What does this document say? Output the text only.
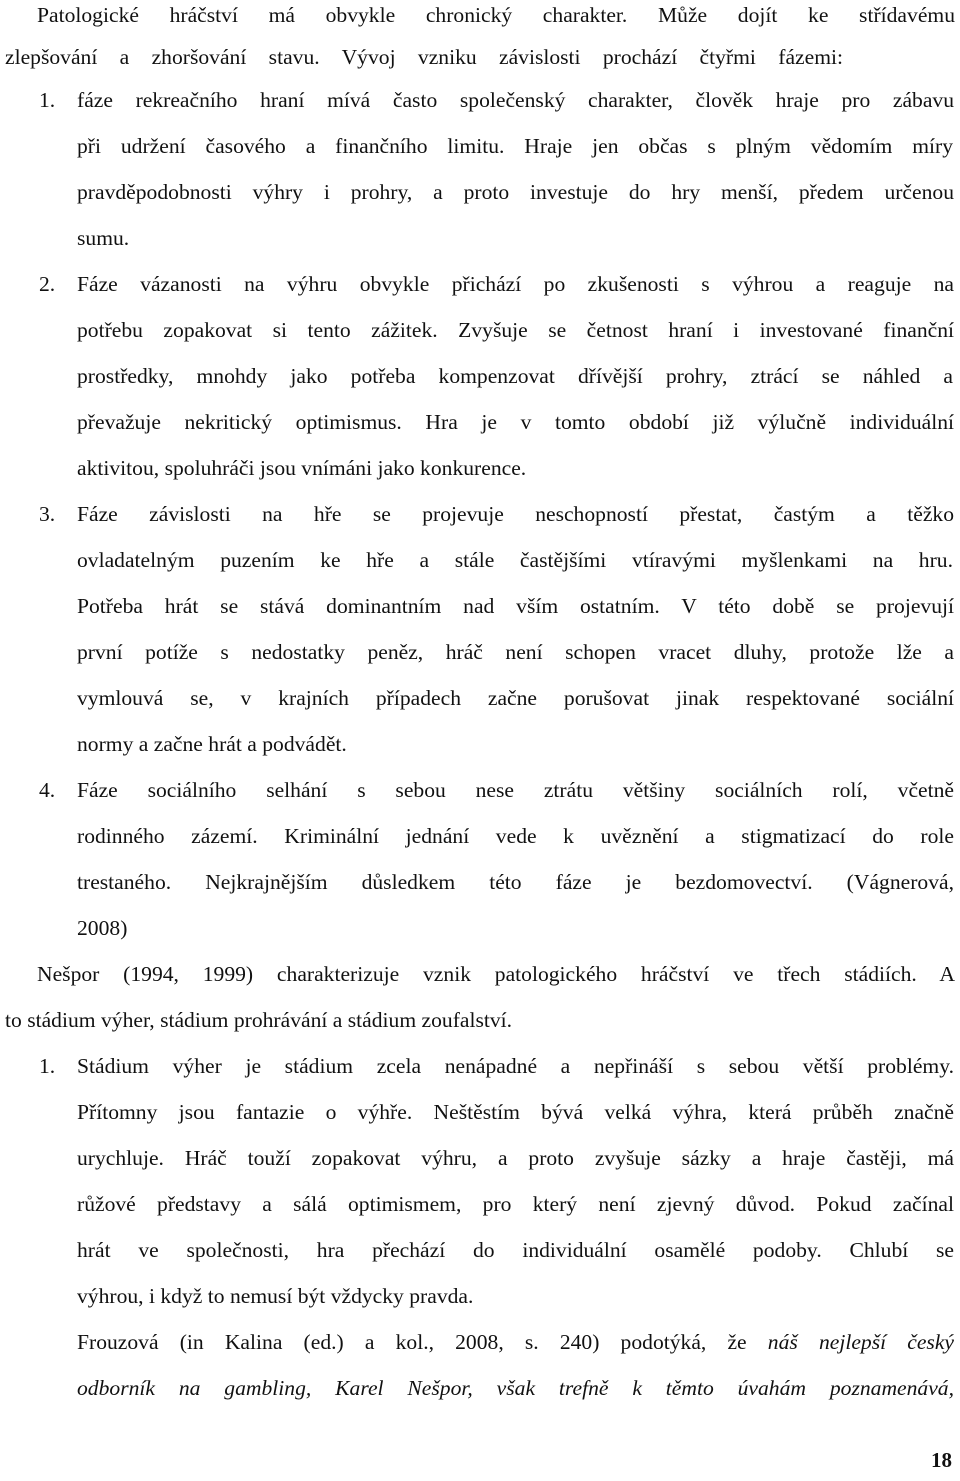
Patologické hráčství má obvykle chronický charakter. Může dojít ke střídavému
zlepšování a zhoršování stavu. Vývoj vzniku závislosti prochází čtyřmi fázemi:
1. fáze rekreačního hraní mívá často společenský charakter, člověk hraje pro zábavu
při udržení časového a finančního limitu. Hraje jen občas s plným vědomím míry
pravděpodobnosti výhry i prohry, a proto investuje do hry menší, předem určenou
sumu.
2. Fáze vázanosti na výhru obvykle přichází po zkušenosti s výhrou a reaguje na
potřebu zopakovat si tento zážitek. Zvyšuje se četnost hraní i investované finanční
prostředky, mnohdy jako potřeba kompenzovat dřívější prohry, ztrácí se náhled a
převažuje nekritický optimismus. Hra je v tomto období již výlučně individuální
aktivitou, spoluhráči jsou vnímáni jako konkurence.
3. Fáze závislosti na hře se projevuje neschopností přestat, častým a těžko
ovladatelným puzením ke hře a stále častějšími vtíravými myšlenkami na hru.
Potřeba hrát se stává dominantním nad vším ostatním. V této době se projevují
první potíže s nedostatky peněz, hráč není schopen vracet dluhy, protože lže a
vymlouvá se, v krajních případech začne porušovat jinak respektované sociální
normy a začne hrát a podvádět.
4. Fáze sociálního selhání s sebou nese ztrátu většiny sociálních rolí, včetně
rodinného zázemí. Kriminální jednání vede k uvěznění a stigmatizací do role
trestaného. Nejkrajnějším důsledkem této fáze je bezdomovectví. (Vágnerová,
2008)
Nešpor (1994, 1999) charakterizuje vznik patologického hráčství ve třech stádiích. A
to stádium výher, stádium prohrávání a stádium zoufalství.
1. Stádium výher je stádium zcela nenápadné a nepřináší s sebou větší problémy.
Přítomny jsou fantazie o výhře. Neštěstím bývá velká výhra, která průběh značně
urychluje. Hráč touží zopakovat výhru, a proto zvyšuje sázky a hraje častěji, má
růžové představy a sálá optimismem, pro který není zjevný důvod. Pokud začínal
hrát ve společnosti, hra přechází do individuální osamělé podoby. Chlubí se
výhrou, i když to nemusí být vždycky pravda.
Frouzová (in Kalina (ed.) a kol., 2008, s. 240) podotýká, že náš nejlepší český
odborník na gambling, Karel Nešpor, však trefně k těmto úvahám poznamenává,
18
